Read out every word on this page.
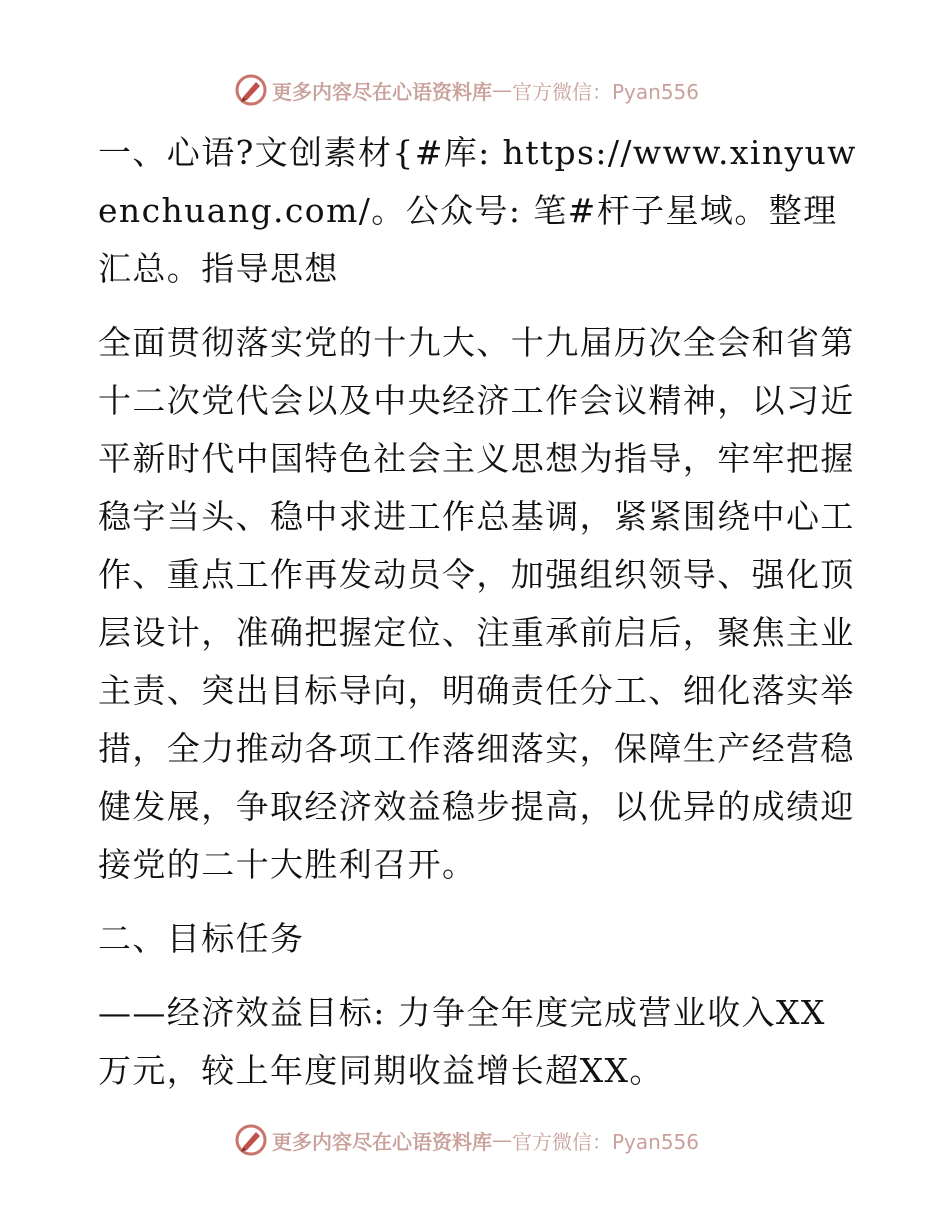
更多内容尽在心语资料库 — 官方微信：Pyan556

一、心语?文创素材{#库: https://www.xinyuwenchuang.com/。公众号: 笔#杆子星域。整理汇总。指导思想

全面贯彻落实党的十九大、十九届历次全会和省第十二次党代会以及中央经济工作会议精神，以习近平新时代中国特色社会主义思想为指导，牢牢把握稳字当头、稳中求进工作总基调，紧紧围绕中心工作、重点工作再发动员令，加强组织领导、强化顶层设计，准确把握定位、注重承前启后，聚焦主业主责、突出目标导向，明确责任分工、细化落实举措，全力推动各项工作落细落实，保障生产经营稳健发展，争取经济效益稳步提高，以优异的成绩迎接党的二十大胜利召开。

二、目标任务

——经济效益目标: 力争全年度完成营业收入XX万元，较上年度同期收益增长超XX。

更多内容尽在心语资料库 — 官方微信：Pyan556
